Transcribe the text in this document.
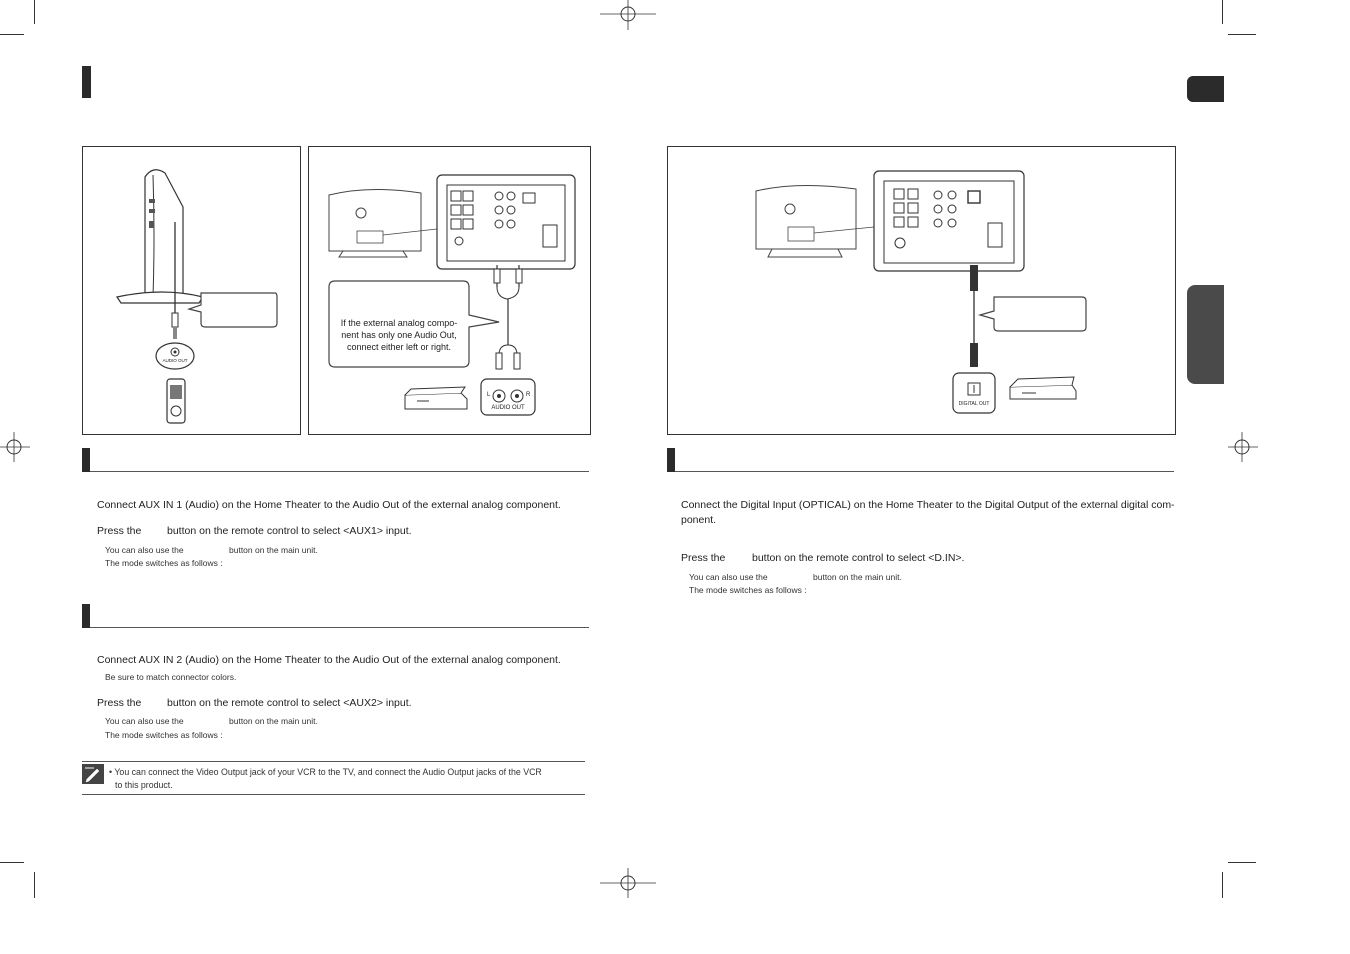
AUDIO OUT
If the external analog compo-
nent has only one Audio Out,
connect either left or right.
L	R
AUDIO OUT
DIGITAL OUT
Connect AUX IN 1 (Audio) on the Home Theater to the Audio Out of the external analog component.
Press the button on the remote control to select <AUX1> input.
You can also use the	button on the main unit.
The mode switches as follows :
Connect AUX IN 2 (Audio) on the Home Theater to the Audio Out of the external analog component.
Be sure to match connector colors.
Press the button on the remote control to select <AUX2> input.
You can also use the	button on the main unit.
The mode switches as follows :
• You can connect the Video Output jack of your VCR to the TV, and connect the Audio Output jacks of the VCR
to this product.
Connect the Digital Input (OPTICAL) on the Home Theater to the Digital Output of the external digital com-
ponent.
Press the	button on the remote control to select <D.IN>.
You can also use the	button on the main unit.
The mode switches as follows :
